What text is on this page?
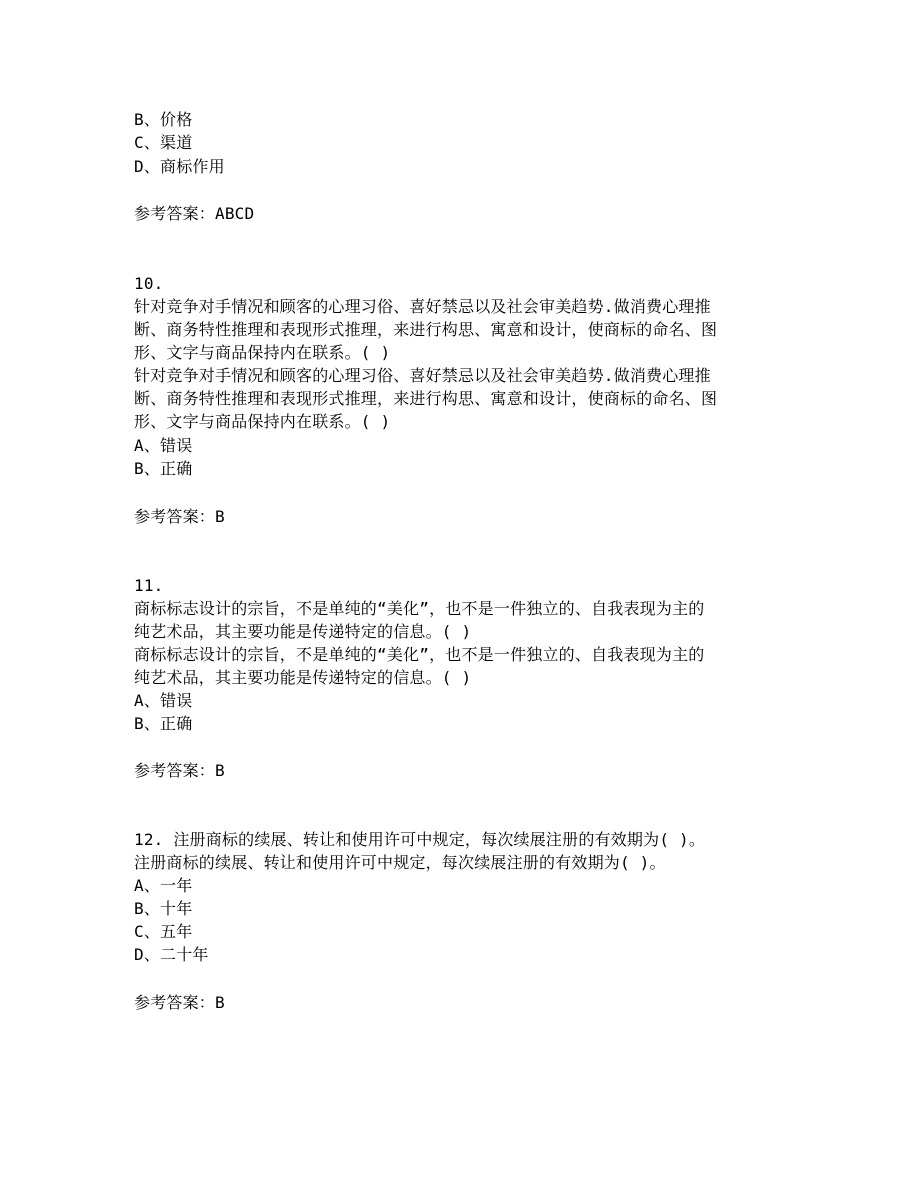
B、价格
C、渠道
D、商标作用
参考答案：ABCD
10.
针对竞争对手情况和顾客的心理习俗、喜好禁忌以及社会审美趋势.做消费心理推
断、商务特性推理和表现形式推理，来进行构思、寓意和设计，使商标的命名、图
形、文字与商品保持内在联系。( )
针对竞争对手情况和顾客的心理习俗、喜好禁忌以及社会审美趋势.做消费心理推
断、商务特性推理和表现形式推理，来进行构思、寓意和设计，使商标的命名、图
形、文字与商品保持内在联系。( )
A、错误
B、正确
参考答案：B
11.
商标标志设计的宗旨，不是单纯的“美化”，也不是一件独立的、自我表现为主的
纯艺术品，其主要功能是传递特定的信息。( )
商标标志设计的宗旨，不是单纯的“美化”，也不是一件独立的、自我表现为主的
纯艺术品，其主要功能是传递特定的信息。( )
A、错误
B、正确
参考答案：B
12. 注册商标的续展、转让和使用许可中规定，每次续展注册的有效期为( )。
注册商标的续展、转让和使用许可中规定，每次续展注册的有效期为( )。
A、一年
B、十年
C、五年
D、二十年
参考答案：B
